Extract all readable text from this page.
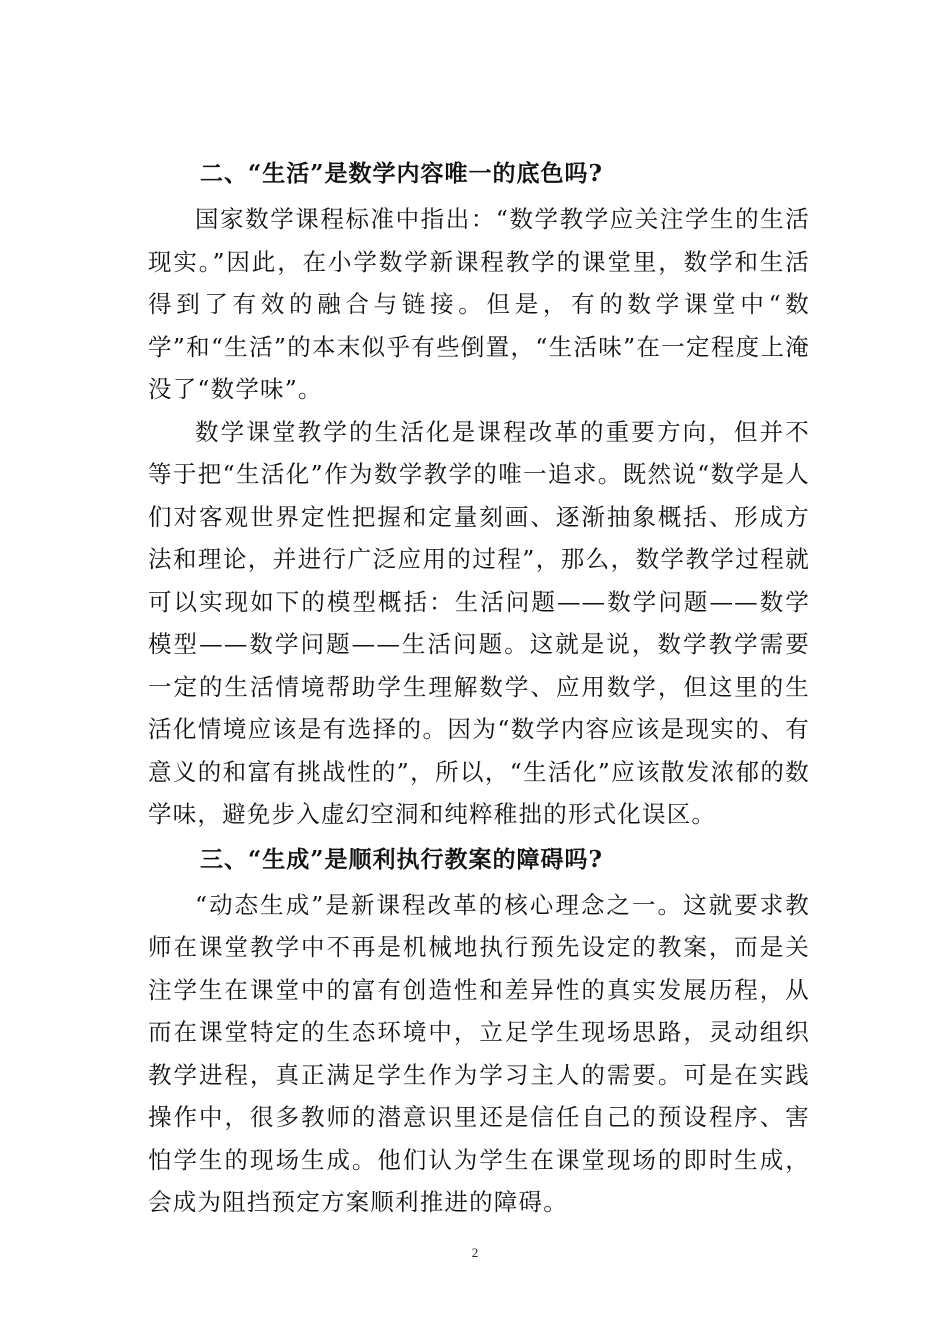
二、“生活”是数学内容唯一的底色吗?

国家数学课程标准中指出：“数学教学应关注学生的生活现实。”因此，在小学数学新课程教学的课堂里，数学和生活得到了有效的融合与链接。但是，有的数学课堂中“数学”和“生活”的本末似乎有些倒置，“生活味”在一定程度上淹没了“数学味”。

数学课堂教学的生活化是课程改革的重要方向，但并不等于把“生活化”作为数学教学的唯一追求。既然说“数学是人们对客观世界定性把握和定量刻画、逐渐抽象概括、形成方法和理论，并进行广泛应用的过程”，那么，数学教学过程就可以实现如下的模型概括：生活问题——数学问题——数学模型——数学问题——生活问题。这就是说，数学教学需要一定的生活情境帮助学生理解数学、应用数学，但这里的生活化情境应该是有选择的。因为“数学内容应该是现实的、有意义的和富有挑战性的”，所以，“生活化”应该散发浓郁的数学味，避免步入虚幻空洞和纯粹稚拙的形式化误区。

三、“生成”是顺利执行教案的障碍吗?

“动态生成”是新课程改革的核心理念之一。这就要求教师在课堂教学中不再是机械地执行预先设定的教案，而是关注学生在课堂中的富有创造性和差异性的真实发展历程，从而在课堂特定的生态环境中，立足学生现场思路，灵动组织教学进程，真正满足学生作为学习主人的需要。可是在实践操作中，很多教师的潜意识里还是信任自己的预设程序、害怕学生的现场生成。他们认为学生在课堂现场的即时生成，会成为阻挡预定方案顺利推进的障碍。

2
